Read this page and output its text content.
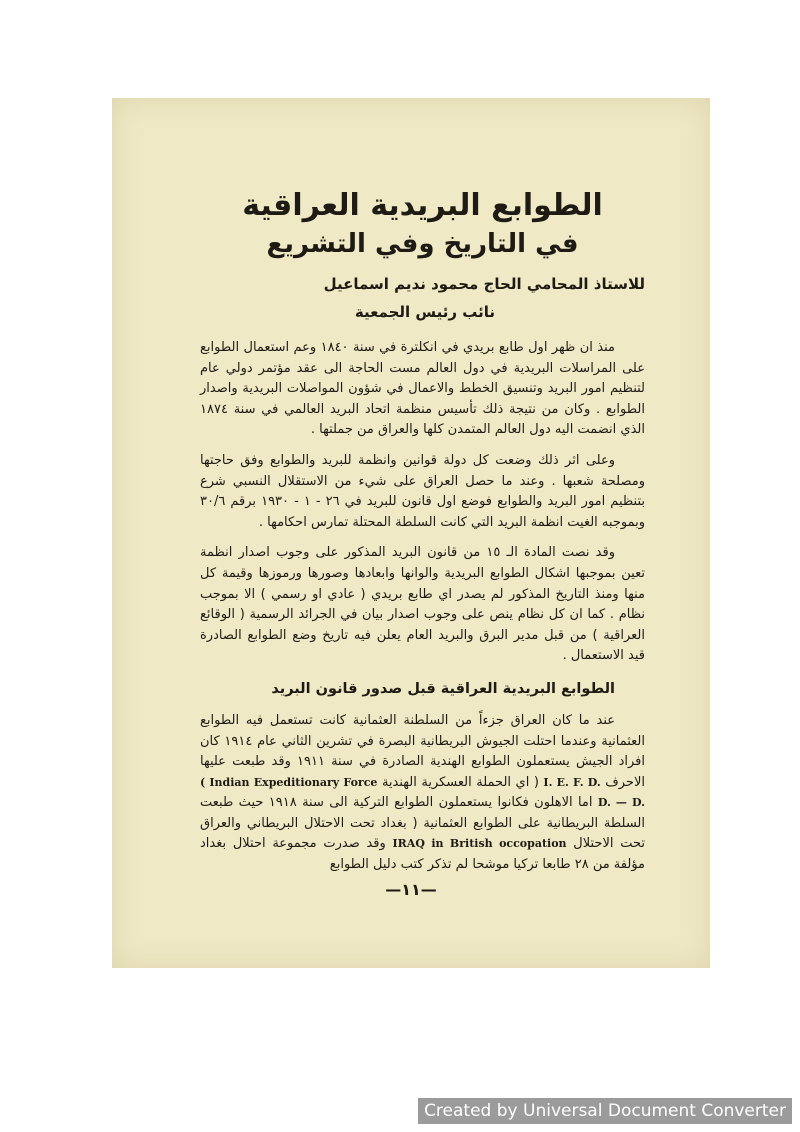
الطوابع البريدية العراقية
في التاريخ وفي التشريع

للاستاذ المحامي الحاج محمود نديم اسماعيل

نائب رئيس الجمعية

منذ ان ظهر اول طابع بريدي في انكلترة في سنة ١٨٤٠ وعم استعمال الطوابع على المراسلات البريدية في دول العالم مست الحاجة الى عقد مؤتمر دولي عام لتنظيم امور البريد وتنسيق الخطط والاعمال في شؤون المواصلات البريدية واصدار الطوابع . وكان من نتيجة ذلك تأسيس منظمة اتحاد البريد العالمي في سنة ١٨٧٤ الذي انضمت اليه دول العالم المتمدن كلها والعراق من جملتها .

وعلى اثر ذلك وضعت كل دولة قوانين وانظمة للبريد والطوابع وفق حاجتها ومصلحة شعبها . وعند ما حصل العراق على شيء من الاستقلال النسبي شرع بتنظيم امور البريد والطوابع فوضع اول قانون للبريد في ٢٦ - ١ - ١٩٣٠ برقم ٣٠/٦ وبموجبه الغيت انظمة البريد التي كانت السلطة المحتلة تمارس احكامها .

وقد نصت المادة الـ ١٥ من قانون البريد المذكور على وجوب اصدار انظمة تعين بموجبها اشكال الطوابع البريدية والوانها وابعادها وصورها ورموزها وقيمة كل منها ومنذ التاريخ المذكور لم يصدر اي طابع بريدي ( عادي او رسمي ) الا بموجب نظام . كما ان كل نظام ينص على وجوب اصدار بيان في الجرائد الرسمية ( الوقائع العراقية ) من قبل مدير البرق والبريد العام يعلن فيه تاريخ وضع الطوابع الصادرة قيد الاستعمال .

الطوابع البريدية العراقية قبل صدور قانون البريد

عند ما كان العراق جزءاً من السلطنة العثمانية كانت تستعمل فيه الطوابع العثمانية وعندما احتلت الجيوش البريطانية البصرة في تشرين الثاني عام ١٩١٤ كان افراد الجيش يستعملون الطوابع الهندية الصادرة في سنة ١٩١١ وقد طبعت عليها الاحرف I. E. F. D. ( اي الحملة العسكرية الهندية ( Indian Expeditionary Force D. — D. اما الاهلون فكانوا يستعملون الطوابع التركية الى سنة ١٩١٨ حيث طبعت السلطة البريطانية على الطوابع العثمانية ( بغداد تحت الاحتلال البريطاني والعراق تحت الاحتلال IRAQ in British occopation وقد صدرت مجموعة احتلال بغداد مؤلفة من ٢٨ طابعا تركيا موشحا لم تذكر كتب دليل الطوابع

—١١—
Created by Universal Document Converter
